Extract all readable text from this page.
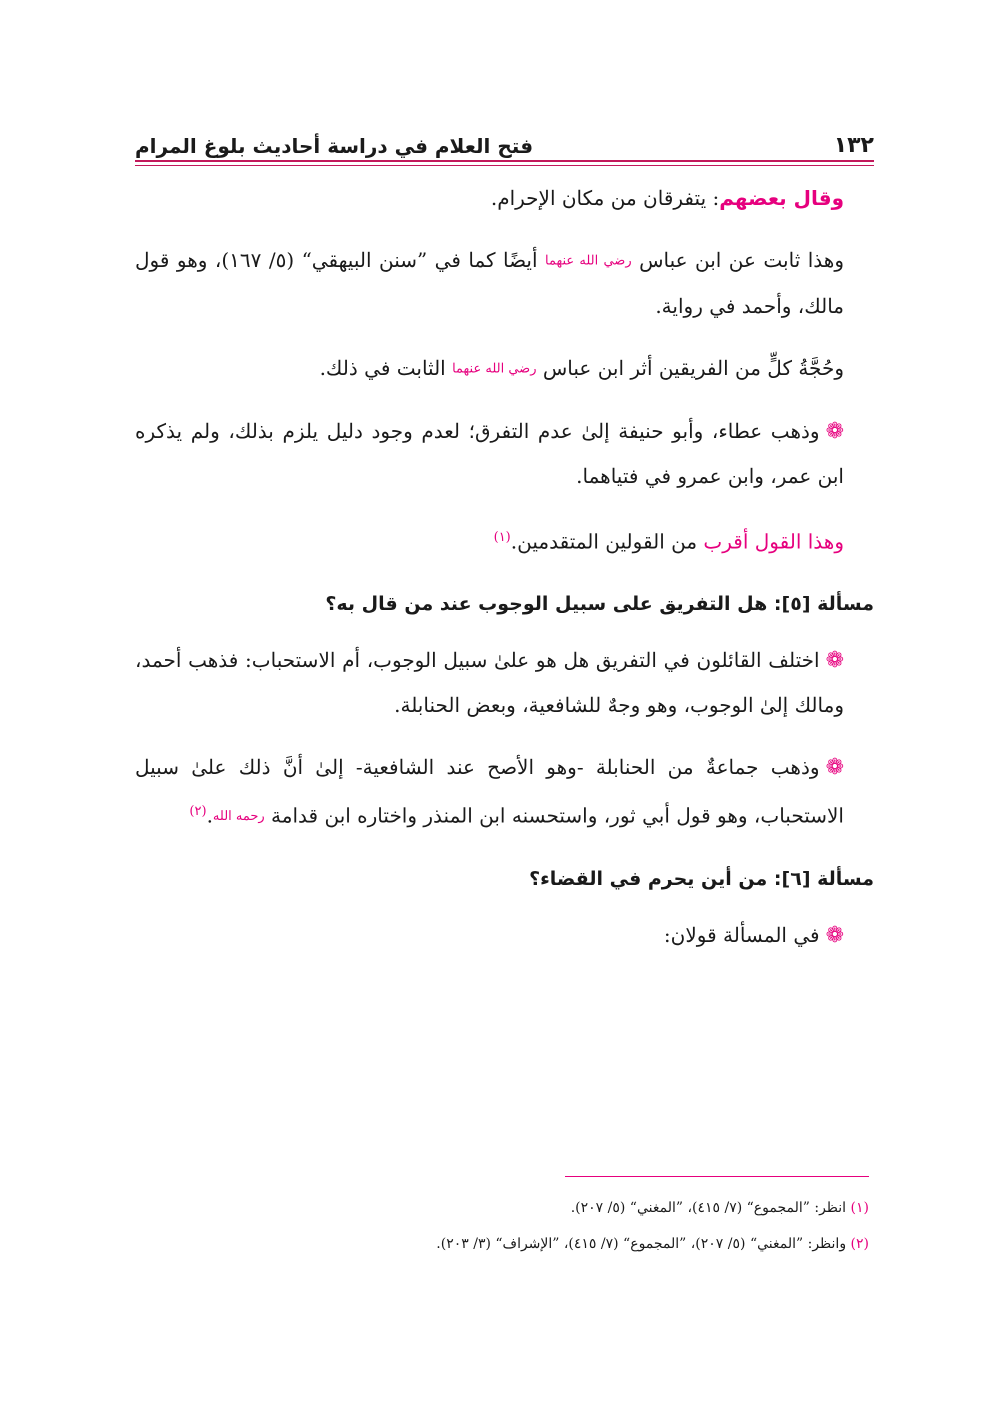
١٣٢
فتح العلام في دراسة أحاديث بلوغ المرام

وقال بعضهم: يتفرقان من مكان الإحرام.

وهذا ثابت عن ابن عباس رضي الله عنهما أيضًا كما في ”سنن البيهقي“ (٥/ ١٦٧)، وهو قول مالك، وأحمد في رواية.

وحُجَّةُ كلٍّ من الفريقين أثر ابن عباس رضي الله عنهما الثابت في ذلك.

❁وذهب عطاء، وأبو حنيفة إلىٰ عدم التفرق؛ لعدم وجود دليل يلزم بذلك، ولم يذكره ابن عمر، وابن عمرو في فتياهما.

وهذا القول أقرب من القولين المتقدمين.$^{(١)}$

مسألة [٥]: هل التفريق على سبيل الوجوب عند من قال به؟

❁اختلف القائلون في التفريق هل هو علىٰ سبيل الوجوب، أم الاستحباب: فذهب أحمد، ومالك إلىٰ الوجوب، وهو وجهٌ للشافعية، وبعض الحنابلة.

❁وذهب جماعةٌ من الحنابلة -وهو الأصح عند الشافعية- إلىٰ أنَّ ذلك علىٰ سبيل الاستحباب، وهو قول أبي ثور، واستحسنه ابن المنذر واختاره ابن قدامة رحمه الله.$^{(٢)}$

مسألة [٦]: من أين يحرم في القضاء؟

❁في المسألة قولان:

(١) انظر: ”المجموع“ (٧/ ٤١٥)، ”المغني“ (٥/ ٢٠٧).
(٢) وانظر: ”المغني“ (٥/ ٢٠٧)، ”المجموع“ (٧/ ٤١٥)، ”الإشراف“ (٣/ ٢٠٣).
